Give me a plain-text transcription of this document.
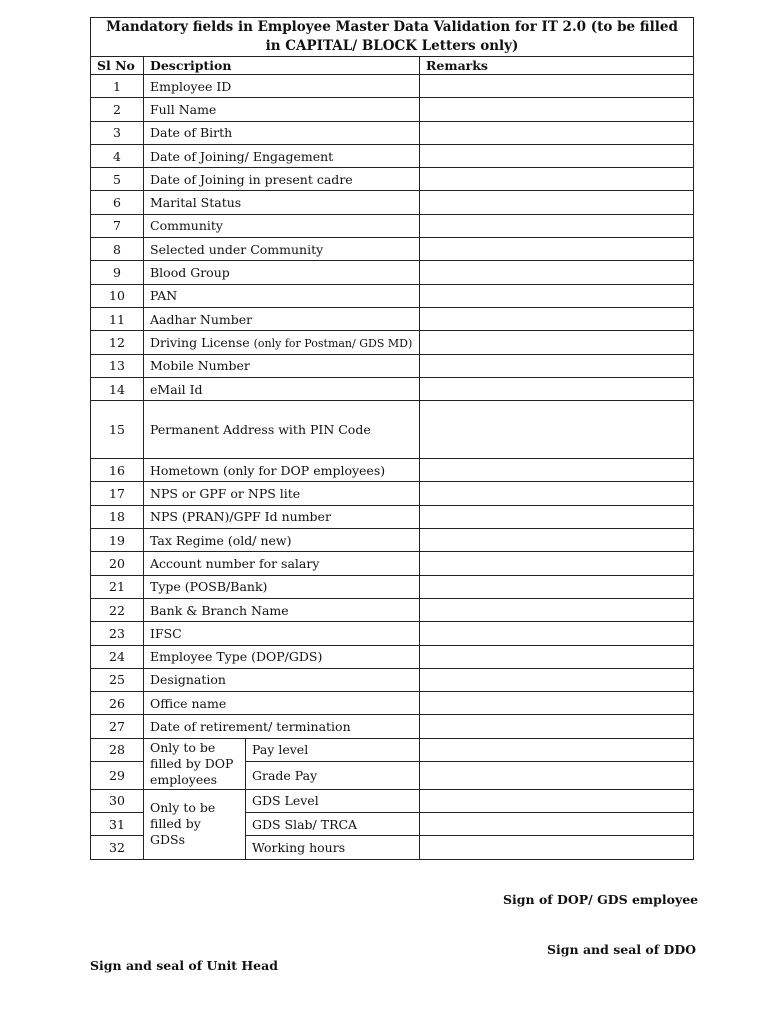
Mandatory fields in Employee Master Data Validation for IT 2.0 (to be filled in CAPITAL/ BLOCK Letters only)			
Sl No	Description		Remarks
1	Employee ID		
2	Full Name		
3	Date of Birth		
4	Date of Joining/ Engagement		
5	Date of Joining in present cadre		
6	Marital Status		
7	Community		
8	Selected under Community		
9	Blood Group		
10	PAN		
11	Aadhar Number		
12	Driving License (only for Postman/ GDS MD)		
13	Mobile Number		
14	eMail Id		
15	Permanent Address with PIN Code		
16	Hometown (only for DOP employees)		
17	NPS or GPF or NPS lite		
18	NPS (PRAN)/GPF Id number		
19	Tax Regime (old/ new)		
20	Account number for salary		
21	Type (POSB/Bank)		
22	Bank & Branch Name		
23	IFSC		
24	Employee Type (DOP/GDS)		
25	Designation		
26	Office name		
27	Date of retirement/ termination		
28	Only to be filled by DOP employees	Pay level	
29		Grade Pay	
30	Only to be filled by GDSs	GDS Level	
31		GDS Slab/ TRCA	
32		Working hours	
Sign of DOP/ GDS employee
Sign and seal of DDO
Sign and seal of Unit Head
